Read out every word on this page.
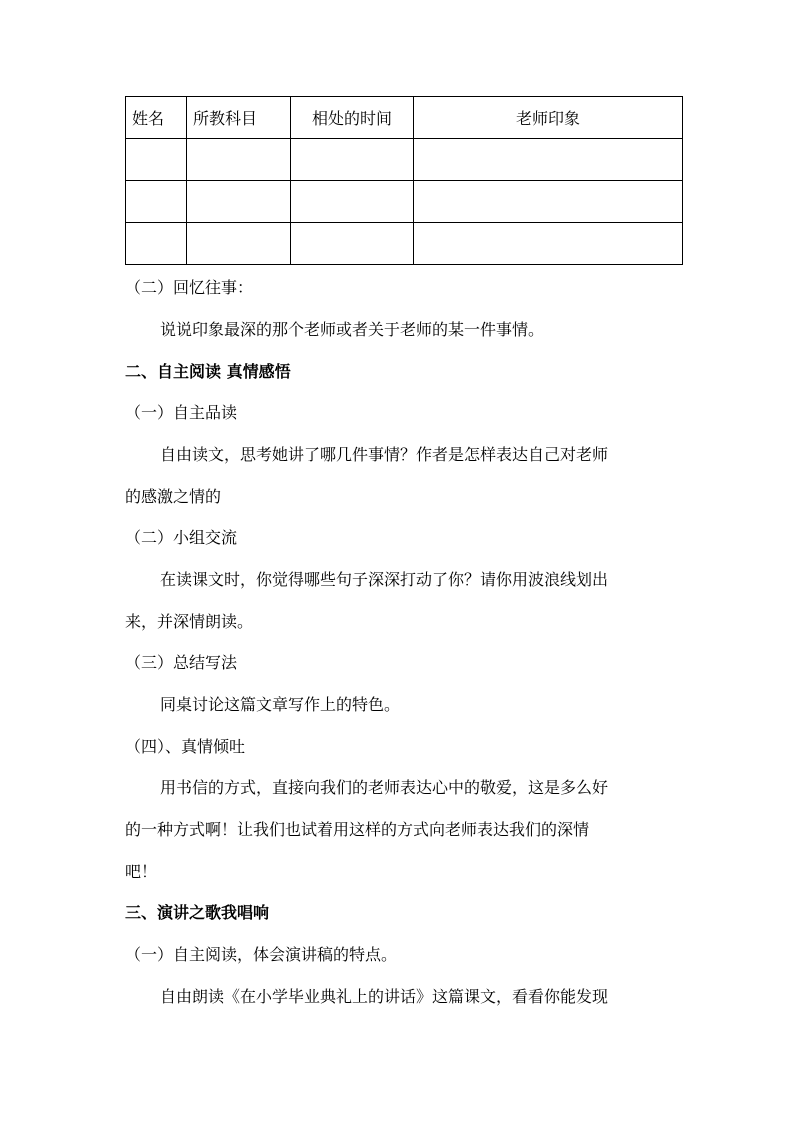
姓名	所教科目	相处的时间	老师印象

（二）回忆往事：
说说印象最深的那个老师或者关于老师的某一件事情。
二、自主阅读 真情感悟
（一）自主品读
自由读文，思考她讲了哪几件事情？作者是怎样表达自己对老师
的感激之情的
（二）小组交流
在读课文时，你觉得哪些句子深深打动了你？请你用波浪线划出
来，并深情朗读。
（三）总结写法
同桌讨论这篇文章写作上的特色。
（四）、真情倾吐
用书信的方式，直接向我们的老师表达心中的敬爱，这是多么好
的一种方式啊！让我们也试着用这样的方式向老师表达我们的深情
吧！
三、演讲之歌我唱响
（一）自主阅读，体会演讲稿的特点。
自由朗读《在小学毕业典礼上的讲话》这篇课文，看看你能发现
